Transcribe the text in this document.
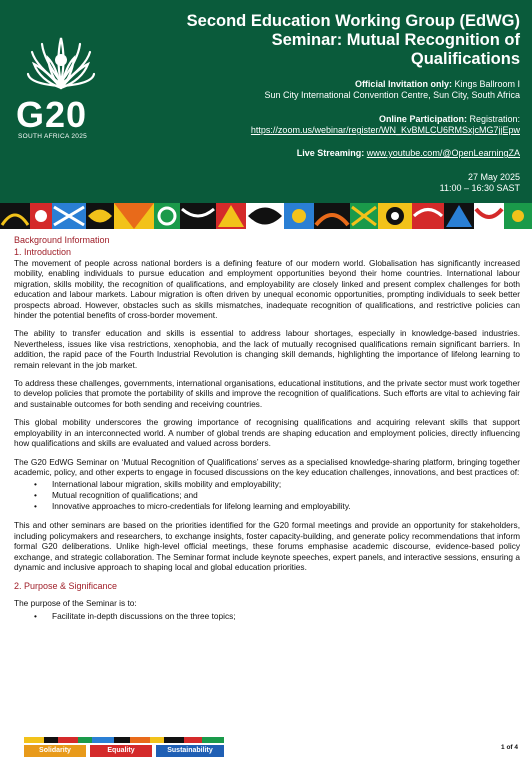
G20
SOUTH AFRICA 2025
Second Education Working Group (EdWG)
Seminar: Mutual Recognition of
Qualifications
Official Invitation only: Kings Ballroom I
Sun City International Convention Centre, Sun City, South Africa
Online Participation: Registration:
https://zoom.us/webinar/register/WN_KvBMLCU6RMSxjcMG7jjEpw
Live Streaming: www.youtube.com/@OpenLearningZA
27 May 2025
11:00 – 16:30 SAST
Background Information
1. Introduction

The movement of people across national borders is a defining feature of our modern world. Globalisation has significantly increased mobility, enabling individuals to pursue education and employment opportunities beyond their home countries. International labour migration, skills mobility, the recognition of qualifications, and employability are closely linked and present complex challenges for both education and labour markets. Labour migration is often driven by unequal economic opportunities, prompting individuals to seek better prospects abroad. However, obstacles such as skills mismatches, inadequate recognition of qualifications, and restrictive policies can hinder the potential benefits of cross-border movement.

The ability to transfer education and skills is essential to address labour shortages, especially in knowledge-based industries. Nevertheless, issues like visa restrictions, xenophobia, and the lack of mutually recognised qualifications remain significant barriers. In addition, the rapid pace of the Fourth Industrial Revolution is changing skill demands, highlighting the importance of lifelong learning to remain relevant in the job market.

To address these challenges, governments, international organisations, educational institutions, and the private sector must work together to develop policies that promote the portability of skills and improve the recognition of qualifications. Such efforts are vital to achieving fair and sustainable outcomes for both sending and receiving countries.

This global mobility underscores the growing importance of recognising qualifications and acquiring relevant skills that support employability in an interconnected world. A number of global trends are shaping education and employment policies, directly influencing how qualifications and skills are evaluated and valued across borders.

The G20 EdWG Seminar on ‘Mutual Recognition of Qualifications’ serves as a specialised knowledge-sharing platform, bringing together academic, policy, and other experts to engage in focused discussions on the key education challenges, innovations, and best practices of:

• International labour migration, skills mobility and employability;
• Mutual recognition of qualifications; and
• Innovative approaches to micro-credentials for lifelong learning and employability.

This and other seminars are based on the priorities identified for the G20 formal meetings and provide an opportunity for stakeholders, including policymakers and researchers, to exchange insights, foster capacity-building, and generate policy recommendations that inform formal G20 deliberations. Unlike high-level official meetings, these forums emphasise academic discourse, evidence-based policy exchange, and strategic collaboration. The Seminar format include keynote speeches, expert panels, and interactive sessions, ensuring a dynamic and inclusive approach to shaping local and global education priorities.

2. Purpose & Significance

The purpose of the Seminar is to:

• Facilitate in-depth discussions on the three topics;
Solidarity	Equality	Sustainability	1 of 4
